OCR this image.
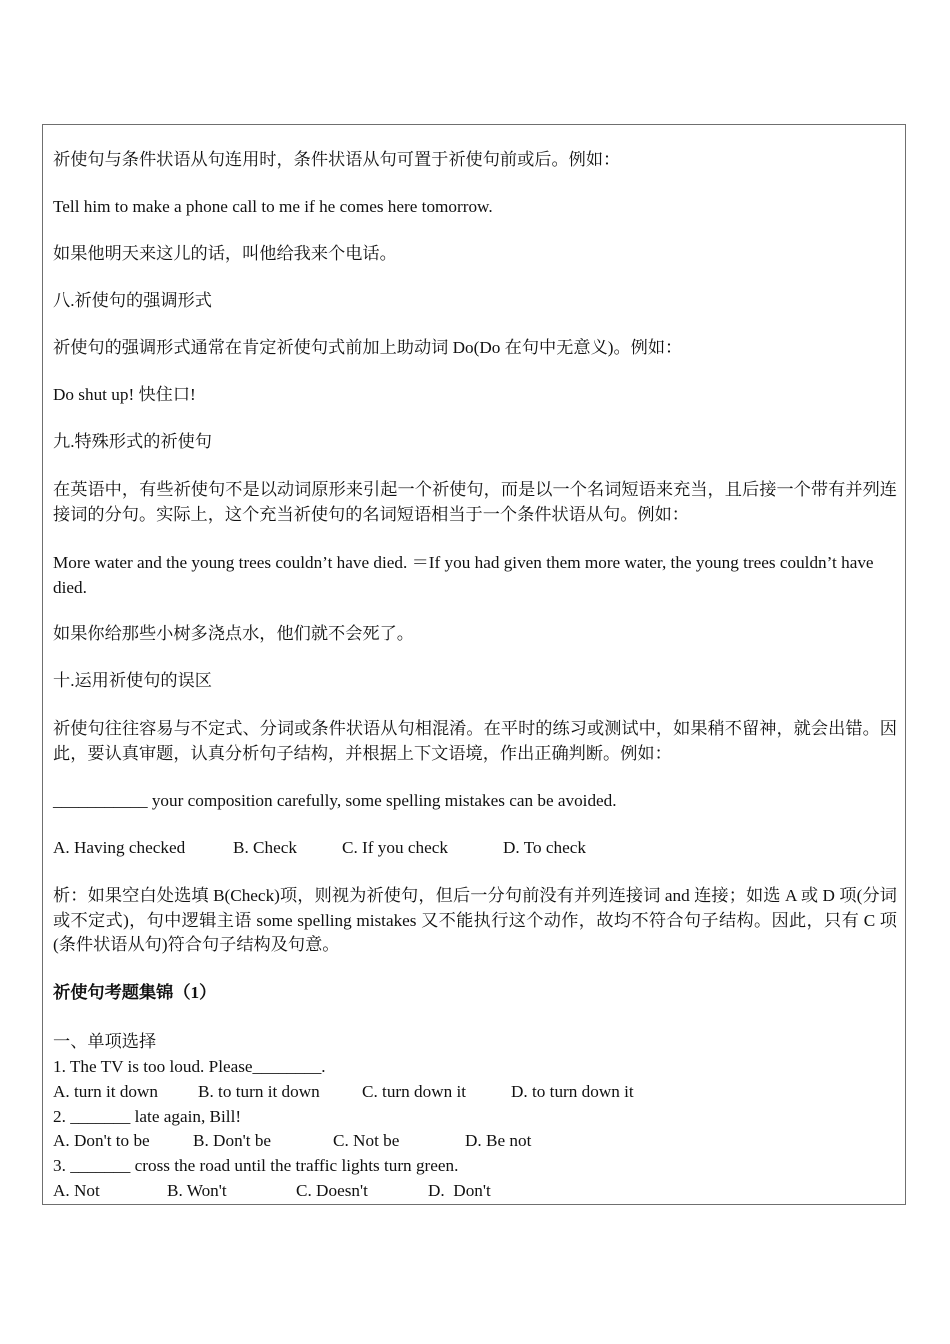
祈使句与条件状语从句连用时，条件状语从句可置于祈使句前或后。例如：
Tell him to make a phone call to me if he comes here tomorrow.
如果他明天来这儿的话，叫他给我来个电话。
八.祈使句的强调形式
祈使句的强调形式通常在肯定祈使句式前加上助动词 Do(Do 在句中无意义)。例如：
Do shut up! 快住口!
九.特殊形式的祈使句
在英语中，有些祈使句不是以动词原形来引起一个祈使句，而是以一个名词短语来充当，且后接一个带有并列连接词的分句。实际上，这个充当祈使句的名词短语相当于一个条件状语从句。例如：
More water and the young trees couldn’t have died. ＝If you had given them more water, the young trees couldn’t have died.
如果你给那些小树多浇点水，他们就不会死了。
十.运用祈使句的误区
祈使句往往容易与不定式、分词或条件状语从句相混淆。在平时的练习或测试中，如果稍不留神，就会出错。因此，要认真审题，认真分析句子结构，并根据上下文语境，作出正确判断。例如：
___________ your composition carefully, some spelling mistakes can be avoided.
A. Having checked	B. Check	C. If you check	D. To check
析：如果空白处选填 B(Check)项，则视为祈使句，但后一分句前没有并列连接词 and 连接；如选 A 或 D 项(分词或不定式)，句中逻辑主语 some spelling mistakes 又不能执行这个动作，故均不符合句子结构。因此，只有 C 项(条件状语从句)符合句子结构及句意。
祈使句考题集锦（1）
一、单项选择
1. The TV is too loud. Please________.
A. turn it down B. to turn it down C. turn down it	D. to turn down it
2. _______ late again, Bill!
A. Don't to be	B. Don't be	C. Not be	D. Be not
3. _______ cross the road until the traffic lights turn green.
A. Not	B. Won't	C. Doesn't	D.  Don't
